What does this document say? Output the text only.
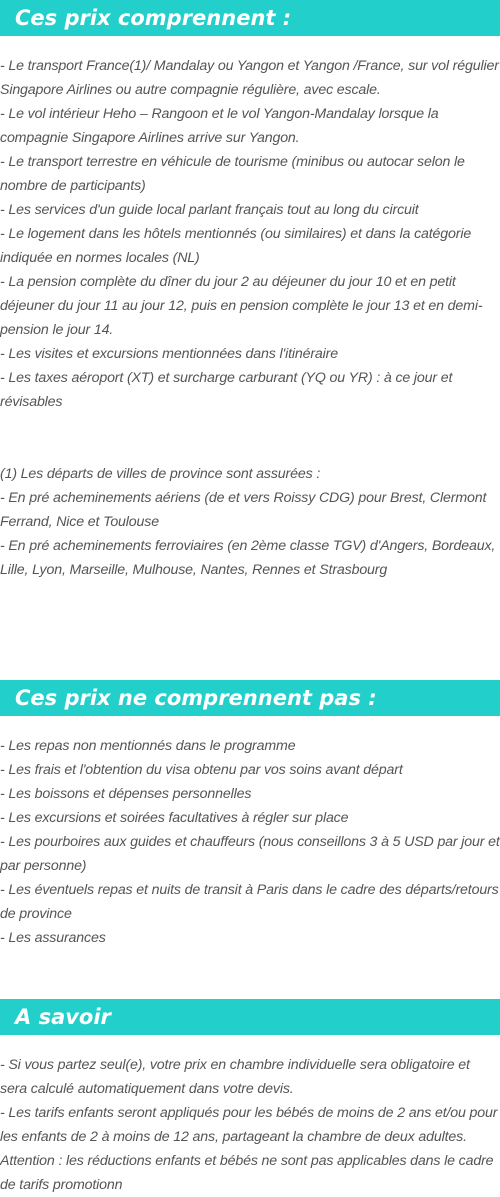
Ces prix comprennent :
- Le transport France(1)/ Mandalay ou Yangon et Yangon /France, sur vol régulier Singapore Airlines ou autre compagnie régulière, avec escale.
- Le vol intérieur Heho – Rangoon et le vol Yangon-Mandalay lorsque la compagnie Singapore Airlines arrive sur Yangon.
- Le transport terrestre en véhicule de tourisme (minibus ou autocar selon le nombre de participants)
- Les services d'un guide local parlant français tout au long du circuit
- Le logement dans les hôtels mentionnés (ou similaires) et dans la catégorie indiquée en normes locales (NL)
- La pension complète du dîner du jour 2 au déjeuner du jour 10 et en petit déjeuner du jour 11 au jour 12, puis en pension complète le jour 13 et en demi-pension le jour 14.
- Les visites et excursions mentionnées dans l'itinéraire
- Les taxes aéroport (XT) et surcharge carburant (YQ ou YR) : à ce jour et révisables
(1) Les départs de villes de province sont assurées :
- En pré acheminements aériens (de et vers Roissy CDG) pour Brest, Clermont Ferrand, Nice et Toulouse
- En pré acheminements ferroviaires (en 2ème classe TGV) d'Angers, Bordeaux, Lille, Lyon, Marseille, Mulhouse, Nantes, Rennes et Strasbourg
Ces prix ne comprennent pas :
- Les repas non mentionnés dans le programme
- Les frais et l'obtention du visa obtenu par vos soins avant départ
- Les boissons et dépenses personnelles
- Les excursions et soirées facultatives à régler sur place
- Les pourboires aux guides et chauffeurs (nous conseillons 3 à 5 USD par jour et par personne)
- Les éventuels repas et nuits de transit à Paris dans le cadre des départs/retours de province
- Les assurances
A savoir
- Si vous partez seul(e), votre prix en chambre individuelle sera obligatoire et sera calculé automatiquement dans votre devis.
- Les tarifs enfants seront appliqués pour les bébés de moins de 2 ans et/ou pour les enfants de 2 à moins de 12 ans, partageant la chambre de deux adultes. Attention : les réductions enfants et bébés ne sont pas applicables dans le cadre de tarifs promotionn
